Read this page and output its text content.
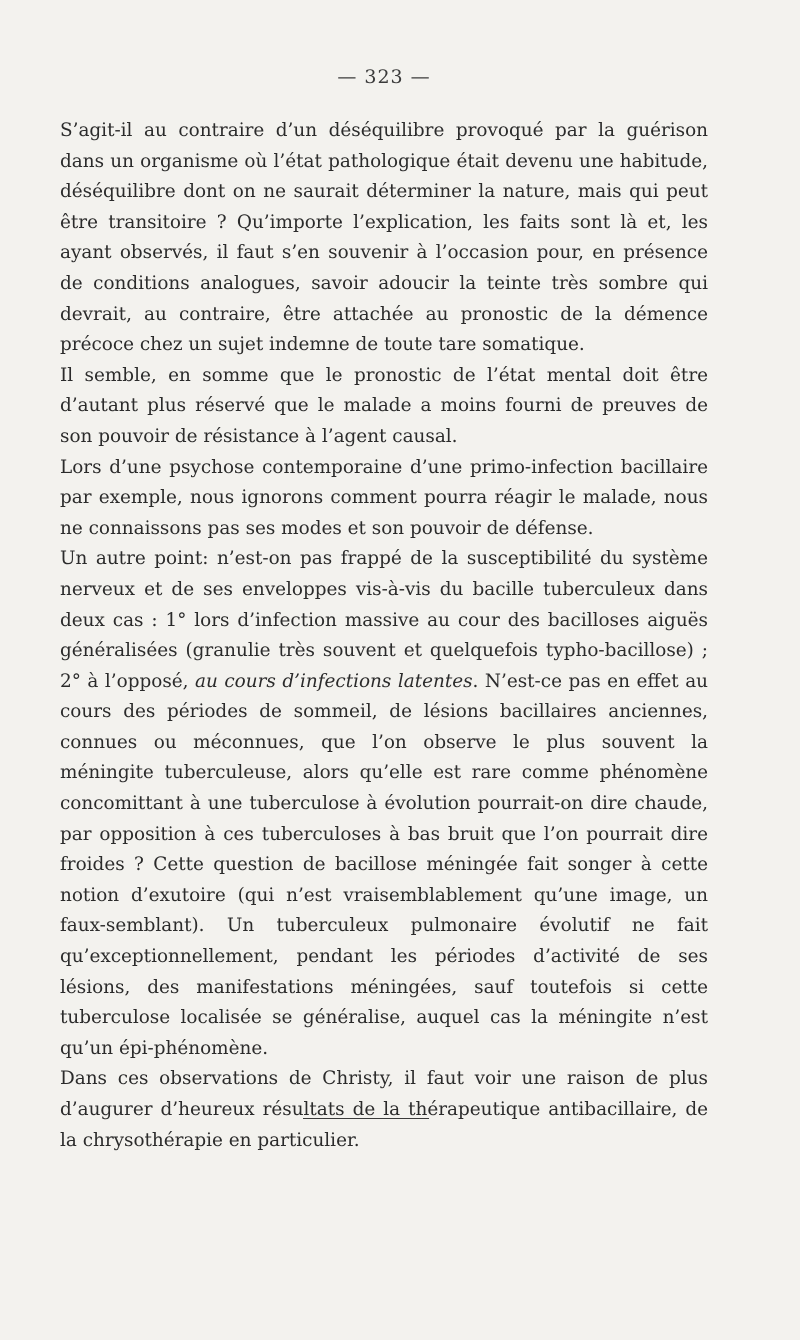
— 323 —

S’agit-il au contraire d’un déséquilibre provoqué par la guérison dans un organisme où l’état pathologique était devenu une habitude, déséquilibre dont on ne saurait déterminer la nature, mais qui peut être transitoire ? Qu’importe l’explication, les faits sont là et, les ayant observés, il faut s’en souvenir à l’occasion pour, en présence de conditions analogues, savoir adoucir la teinte très sombre qui devrait, au contraire, être attachée au pronostic de la démence précoce chez un sujet indemne de toute tare somatique.

Il semble, en somme que le pronostic de l’état mental doit être d’autant plus réservé que le malade a moins fourni de preuves de son pouvoir de résistance à l’agent causal.

Lors d’une psychose contemporaine d’une primo-infection bacillaire par exemple, nous ignorons comment pourra réagir le malade, nous ne connaissons pas ses modes et son pouvoir de défense.

Un autre point: n’est-on pas frappé de la susceptibilité du système nerveux et de ses enveloppes vis-à-vis du bacille tuberculeux dans deux cas : 1° lors d’infection massive au cour des bacilloses aiguës généralisées (granulie très souvent et quelquefois typho-bacillose) ; 2° à l’opposé, au cours d’infections latentes. N’est-ce pas en effet au cours des périodes de sommeil, de lésions bacillaires anciennes, connues ou méconnues, que l’on observe le plus souvent la méningite tuberculeuse, alors qu’elle est rare comme phénomène concomittant à une tuberculose à évolution pourrait-on dire chaude, par opposition à ces tuberculoses à bas bruit que l’on pourrait dire froides ? Cette question de bacillose méningée fait songer à cette notion d’exutoire (qui n’est vraisemblablement qu’une image, un faux-semblant). Un tuberculeux pulmonaire évolutif ne fait qu’exceptionnellement, pendant les périodes d’activité de ses lésions, des manifestations méningées, sauf toutefois si cette tuberculose localisée se généralise, auquel cas la méningite n’est qu’un épi-phénomène.

Dans ces observations de Christy, il faut voir une raison de plus d’augurer d’heureux résultats de la thérapeutique antibacillaire, de la chrysothérapie en particulier.
